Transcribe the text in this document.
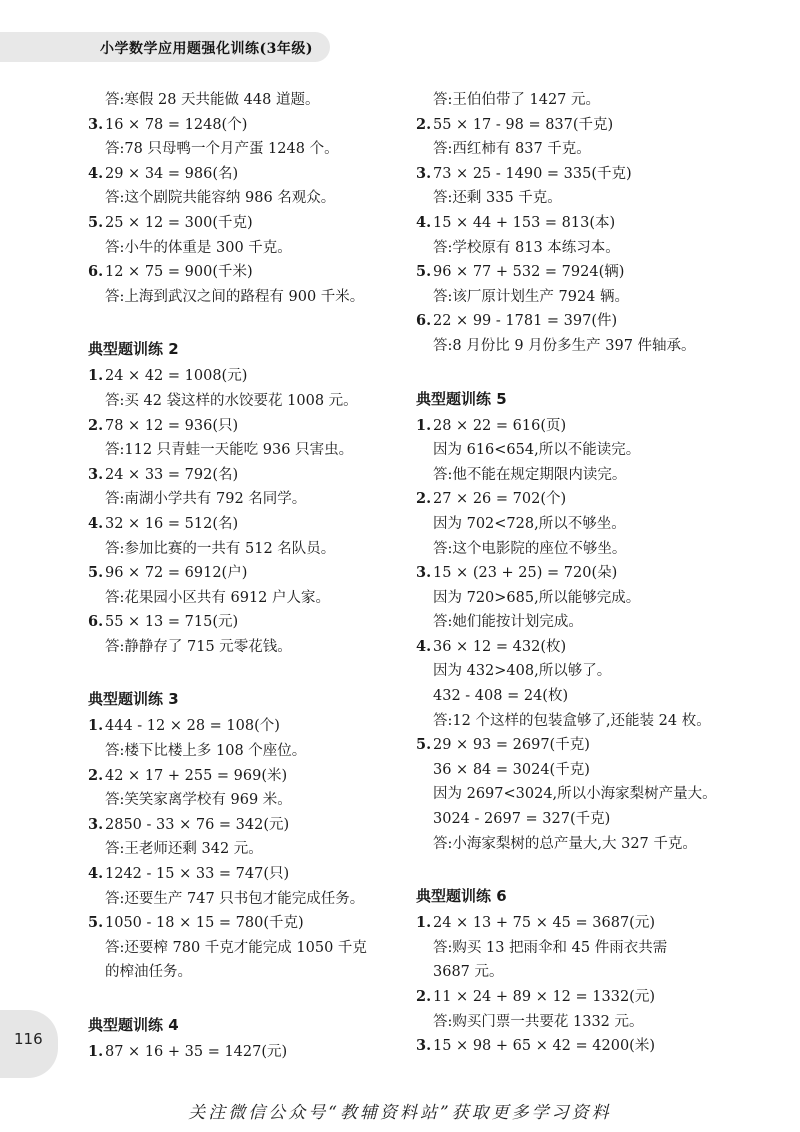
小学数学应用题强化训练(3年级)
答:寒假 28 天共能做 448 道题。
3. 16 × 78 = 1248(个)
答:78 只母鸭一个月产蛋 1248 个。
4. 29 × 34 = 986(名)
答:这个剧院共能容纳 986 名观众。
5. 25 × 12 = 300(千克)
答:小牛的体重是 300 千克。
6. 12 × 75 = 900(千米)
答:上海到武汉之间的路程有 900 千米。
典型题训练 2
1. 24 × 42 = 1008(元)
答:买 42 袋这样的水饺要花 1008 元。
2. 78 × 12 = 936(只)
答:112 只青蛙一天能吃 936 只害虫。
3. 24 × 33 = 792(名)
答:南湖小学共有 792 名同学。
4. 32 × 16 = 512(名)
答:参加比赛的一共有 512 名队员。
5. 96 × 72 = 6912(户)
答:花果园小区共有 6912 户人家。
6. 55 × 13 = 715(元)
答:静静存了 715 元零花钱。
典型题训练 3
1. 444 - 12 × 28 = 108(个)
答:楼下比楼上多 108 个座位。
2. 42 × 17 + 255 = 969(米)
答:笑笑家离学校有 969 米。
3. 2850 - 33 × 76 = 342(元)
答:王老师还剩 342 元。
4. 1242 - 15 × 33 = 747(只)
答:还要生产 747 只书包才能完成任务。
5. 1050 - 18 × 15 = 780(千克)
答:还要榨 780 千克才能完成 1050 千克
的榨油任务。
典型题训练 4
1. 87 × 16 + 35 = 1427(元)
答:王伯伯带了 1427 元。
2. 55 × 17 - 98 = 837(千克)
答:西红柿有 837 千克。
3. 73 × 25 - 1490 = 335(千克)
答:还剩 335 千克。
4. 15 × 44 + 153 = 813(本)
答:学校原有 813 本练习本。
5. 96 × 77 + 532 = 7924(辆)
答:该厂原计划生产 7924 辆。
6. 22 × 99 - 1781 = 397(件)
答:8 月份比 9 月份多生产 397 件轴承。
典型题训练 5
1. 28 × 22 = 616(页)
因为 616<654,所以不能读完。
答:他不能在规定期限内读完。
2. 27 × 26 = 702(个)
因为 702<728,所以不够坐。
答:这个电影院的座位不够坐。
3. 15 × (23 + 25) = 720(朵)
因为 720>685,所以能够完成。
答:她们能按计划完成。
4. 36 × 12 = 432(枚)
因为 432>408,所以够了。
432 - 408 = 24(枚)
答:12 个这样的包装盒够了,还能装 24 枚。
5. 29 × 93 = 2697(千克)
36 × 84 = 3024(千克)
因为 2697<3024,所以小海家梨树产量大。
3024 - 2697 = 327(千克)
答:小海家梨树的总产量大,大 327 千克。
典型题训练 6
1. 24 × 13 + 75 × 45 = 3687(元)
答:购买 13 把雨伞和 45 件雨衣共需
3687 元。
2. 11 × 24 + 89 × 12 = 1332(元)
答:购买门票一共要花 1332 元。
3. 15 × 98 + 65 × 42 = 4200(米)
116
关注微信公众号“教辅资料站”获取更多学习资料
